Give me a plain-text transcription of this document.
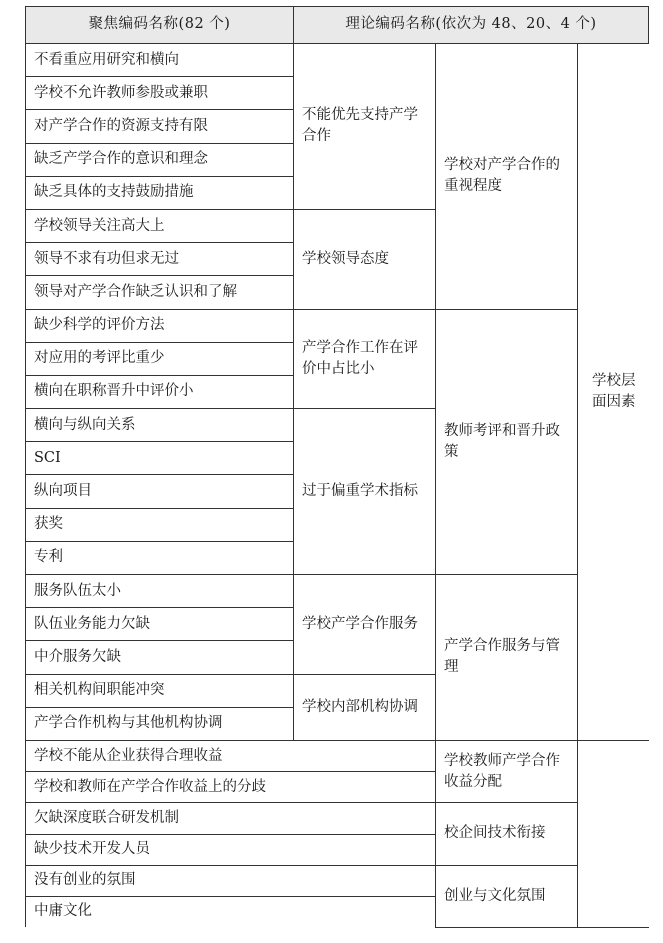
聚焦编码名称(82 个)	理论编码名称(依次为 48、20、4 个)		
不看重应用研究和横向	不能优先支持产学合作	学校对产学合作的重视程度	学校层面因素
学校不允许教师参股或兼职			
对产学合作的资源支持有限			
缺乏产学合作的意识和理念			
缺乏具体的支持鼓励措施			
学校领导关注高大上	学校领导态度		
领导不求有功但求无过			
领导对产学合作缺乏认识和了解			
缺少科学的评价方法	产学合作工作在评价中占比小	教师考评和晋升政策	
对应用的考评比重少			
横向在职称晋升中评价小			
横向与纵向关系	过于偏重学术指标		
SCI			
纵向项目			
获奖			
专利			
服务队伍太小	学校产学合作服务	产学合作服务与管理	
队伍业务能力欠缺			
中介服务欠缺			
相关机构间职能冲突	学校内部机构协调		
产学合作机构与其他机构协调			
学校不能从企业获得合理收益		学校教师产学合作收益分配	
学校和教师在产学合作收益上的分歧			
欠缺深度联合研发机制		校企间技术衔接	
缺少技术开发人员			
没有创业的氛围		创业与文化氛围	
中庸文化			
